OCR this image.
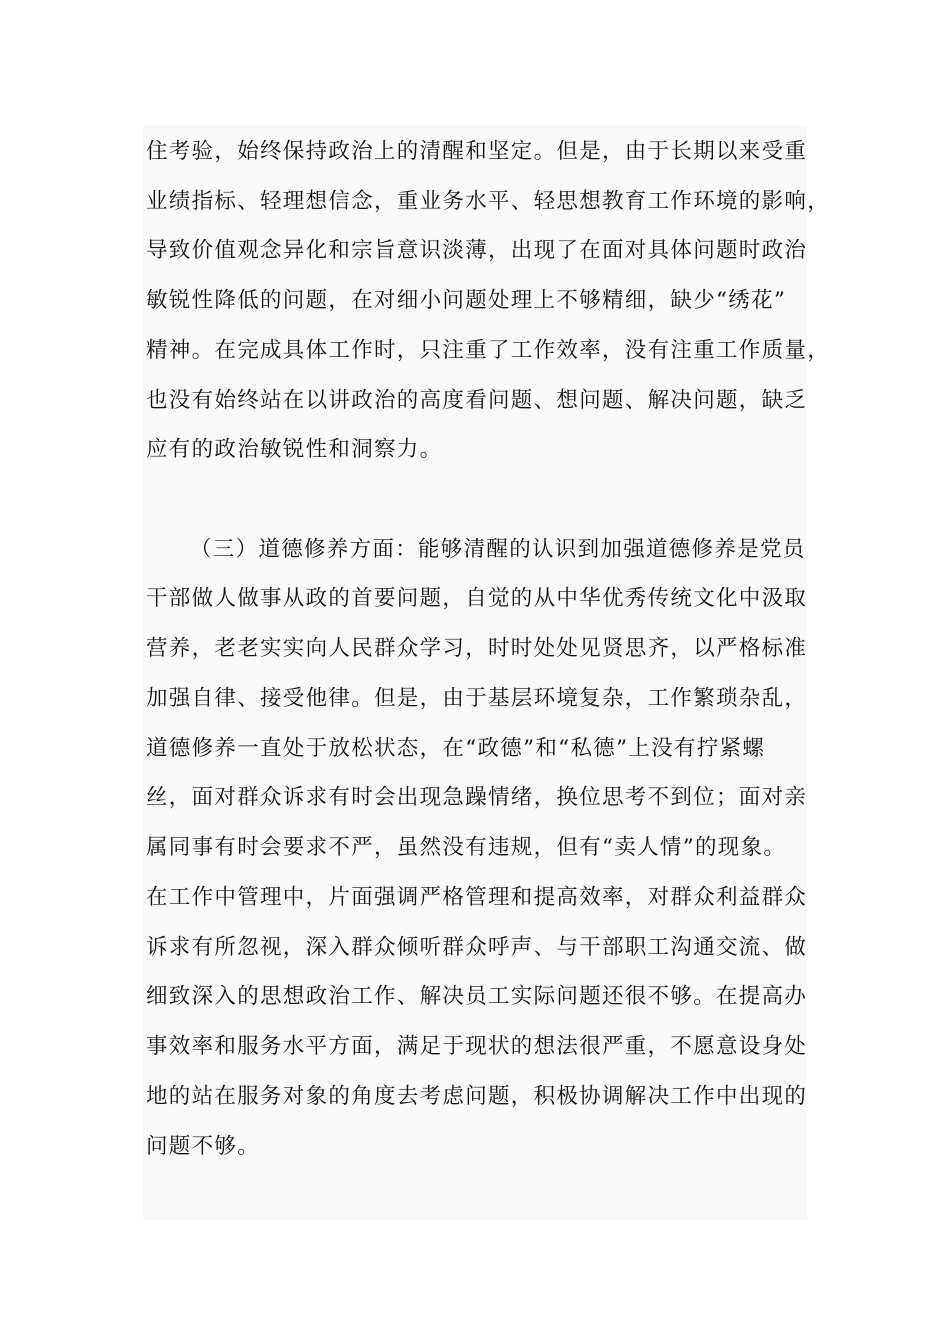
住考验，始终保持政治上的清醒和坚定。但是，由于长期以来受重
业绩指标、轻理想信念，重业务水平、轻思想教育工作环境的影响，
导致价值观念异化和宗旨意识淡薄，出现了在面对具体问题时政治
敏锐性降低的问题，在对细小问题处理上不够精细，缺少“绣花”
精神。在完成具体工作时，只注重了工作效率，没有注重工作质量，
也没有始终站在以讲政治的高度看问题、想问题、解决问题，缺乏
应有的政治敏锐性和洞察力。
（三）道德修养方面：能够清醒的认识到加强道德修养是党员
干部做人做事从政的首要问题，自觉的从中华优秀传统文化中汲取
营养，老老实实向人民群众学习，时时处处见贤思齐，以严格标准
加强自律、接受他律。但是，由于基层环境复杂，工作繁琐杂乱，
道德修养一直处于放松状态，在“政德”和“私德”上没有拧紧螺
丝，面对群众诉求有时会出现急躁情绪，换位思考不到位；面对亲
属同事有时会要求不严，虽然没有违规，但有“卖人情”的现象。
在工作中管理中，片面强调严格管理和提高效率，对群众利益群众
诉求有所忽视，深入群众倾听群众呼声、与干部职工沟通交流、做
细致深入的思想政治工作、解决员工实际问题还很不够。在提高办
事效率和服务水平方面，满足于现状的想法很严重，不愿意设身处
地的站在服务对象的角度去考虑问题，积极协调解决工作中出现的
问题不够。
